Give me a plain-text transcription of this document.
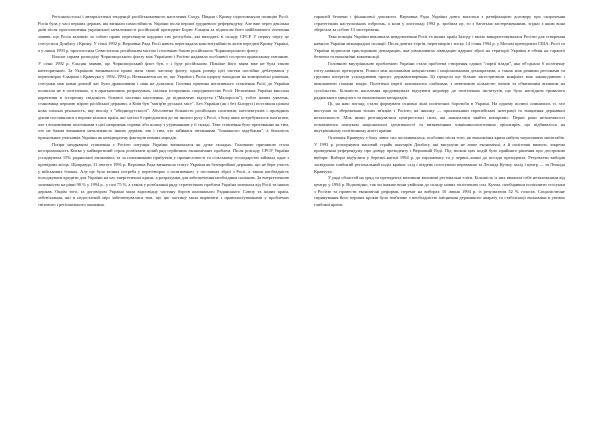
Регіоналістські і автаркістичні тенденції російськомовного населення Сходу, Півдня і Криму підштовхнули позицію Росії. Росія була у часі перших держав, які визнали самостійність України після першої грудневого референдуму. Але вже через декілька днів після проголошення української незалежності російський президент Борис Єльцин за підписом його найближчого оточення заявив, що Росія залишає за собою право переглянути кордони тих республік, які виходять зі складу СРСР. У першу чергу це стосується Донбасу і Криму. У січні 1992 р. Верховна Рада Росії навіть переглядала конституційність актів передачі Криму Україні, а у липні 1993 р. проголосила Севастополь російським містом і головною базою російського Чорноморського флоту.

Власне справа розподілу Чорноморського флоту між Україною і Росією надавала особливої гостроти кримському питанню. У січні 1992 р. Єльцин заявив, що Чорноморський флот був, є і буде російським. Пізніше його заява вже не була такою категоричною. За Україною визнавалося право мати свою частину флоту, однак розмір цієї частки постійно дебатувався у переговорах Єльцина і Кравчука у 1992–1994 р. Незважаючи на те, що Україна і Росія щоразу виходили на компромісні рішення, стосунки між ними довгий час були дражливими і ніяк не ділилися. Головна причина негативного ставлення Росії до України полягала не в політичних, а в прагматичних розрахунках, скільки історичних спорідненостях Росії. Незалежна Україна вносила корективи в історичну свідомість більшої частини населення, де відновлено відчуття ("Малоросія"), тобто інших уявлень, становища першою мірою російської держави, а Київ був "матір'ю руських міст". Без України (як і без Білорусі) поставала цілком нова спільна реальність, яку вислід з "обиднорусскості". Абсолютна більшість російських політиків, інтелектуалів і провідних діячів поставилися з вороже кількох країн, які хотіли б приєднатися до чи іншого руху з Росії, з боку яких потребувалося пам'ятати, але з впливовими політиками з цієї неприязнь справи, або шляху з утриманням у її складі. Таке ставлення було притаманне як тим, хто не бажав визнавати незалежність інших держав, так і тим, хто займався питаннями "ближнього зарубіжжя", а більшість прихильних учасників України як невідворотну факторів певних народів.

Попри неоднакові ставлення з Росією ситуація України визначалася як дуже складна. Головною причиною стала неспроможність Києва у найкоротший строк розв'язати цілий ряд серйозних економічних проблем. Після розпаду СРСР Україна успадкувала 15% радянської економіки, та за показниками прибутків у промисловості та сільському господарстві займала одне з провідних місць. Щоправда, 11 лютого 1991 р. Верховна Рада визначила статус України як безпартійної держави, що не бере участь у військових блоках. Але ще була велика потреба у переговорах з позитивною, у поставках зброї з Росії, а також необхідність погоджувати кредити для України на час енергетичної кризи, а розрахунки для забезпечення необхідним пальним. За енергетичною залежністю на рівні 90 % у 1994 р., у газі 75 %, а також у розв'язанні ряду стратегічних проблем Україна залежала від Росії та інших держав. Окрім того, за договором Україна мала відповідну частину боргів колишнього Радянського Союзу та інших країн, зобов'язання, які в недостатній мірі забезпечувалися тим, що цю частину мала вирішити з правонаступниками у проблемах світового і регіонального значення.

гарантій безпеки і фінансової допомоги. Верховна Рада України довго вагалася з ратифікацією договору про скорочення стратегічних наступальних озброєнь, а коли у листопаді 1992 р. зробила це, то з багатьма застереженнями, згідно з яким вона зберігала за собою 13 застережень.

Така позиція України викликала невдоволення Росії та інших країн Заходу і вміло використовувалася Росією для створення навколо України міжнародної ізоляції. Після довгих торгів, переговорів і тиску, 14 січня 1994 р. у Москві президенти США, Росії та України підписали тристоронню декларацію, яка уможливила ліквідацію ядерної зброї на території України в обмін на гарантії безпеки та економічні компенсації.

Головною внутрішньою проблемою України стала проблема створення єдиної "партії влади", яка об'єднала б політичну еліту навколо президента. Розкол між колишніми комуністами і національними демократами, а також між різними регіонами та групами інтересів ускладнював процес державотворення. Ці процеси ще більше загострювали конфлікт між законодавчою і виконавчою гілками влади. Політичні партії залишалися слабкими, з невеликою кількістю членів та обмеженим впливом на суспільство. Більшість населення продовжувала відчувати недовіру до політичних інститутів, що було наслідком тривалого радянського минулого та економічних негараздів.

Ці, на наш погляд, стали формувати основні лінії політичної боротьби в Україні. На одному полюсі опинились ті, хто виступав за збереження тісних зв'язків з Росією; на іншому — прихильники європейської інтеграції та зміцнення державної незалежності. Між ними розташувалися центристські сили, які намагалися знайти компроміс. Перші роки незалежності позначилися пошуком національної ідентичності та визначенням зовнішньополітичних орієнтирів, що відбивалося на внутрішньому політичному житті країни.

Опозиція Кравчуку з боку лівих сил посилювалася, особливо після того, як економічна криза набула загрозливих масштабів. У 1993 р. розгорнувся масовий страйк шахтарів Донбасу, які висунули не лише економічні, а й політичні вимоги, зокрема проведення референдуму про довіру президенту і Верховній Раді. Під тиском цих подій було прийнято рішення про дострокові вибори. Вибори відбулися у березні–квітні 1994 р. до парламенту та у червні–липні до посади президента. Результати виборів засвідчили глибокий регіональний поділ країни: схід і південь голосували переважно за Леоніда Кучму, захід і центр — за Леоніда Кравчука.

У ряді областей на уряд та президента впливали впливові регіональні еліти. Більшість із них вважала себе незалежними від центру у 1994 р. Відповідно, так чи інакше вони увійшли до складу нових політичних сил. Кучма, пообіцявши поліпшити стосунки з Росією та провести економічні реформи, переміг на виборах 10 липня 1994 р. із результатом 52 % голосів. Соціалістичне спрямування його перших кроків було пов'язане з необхідністю зміцнення державного апарату та стабілізації економіки в умовах глибокої кризи.
